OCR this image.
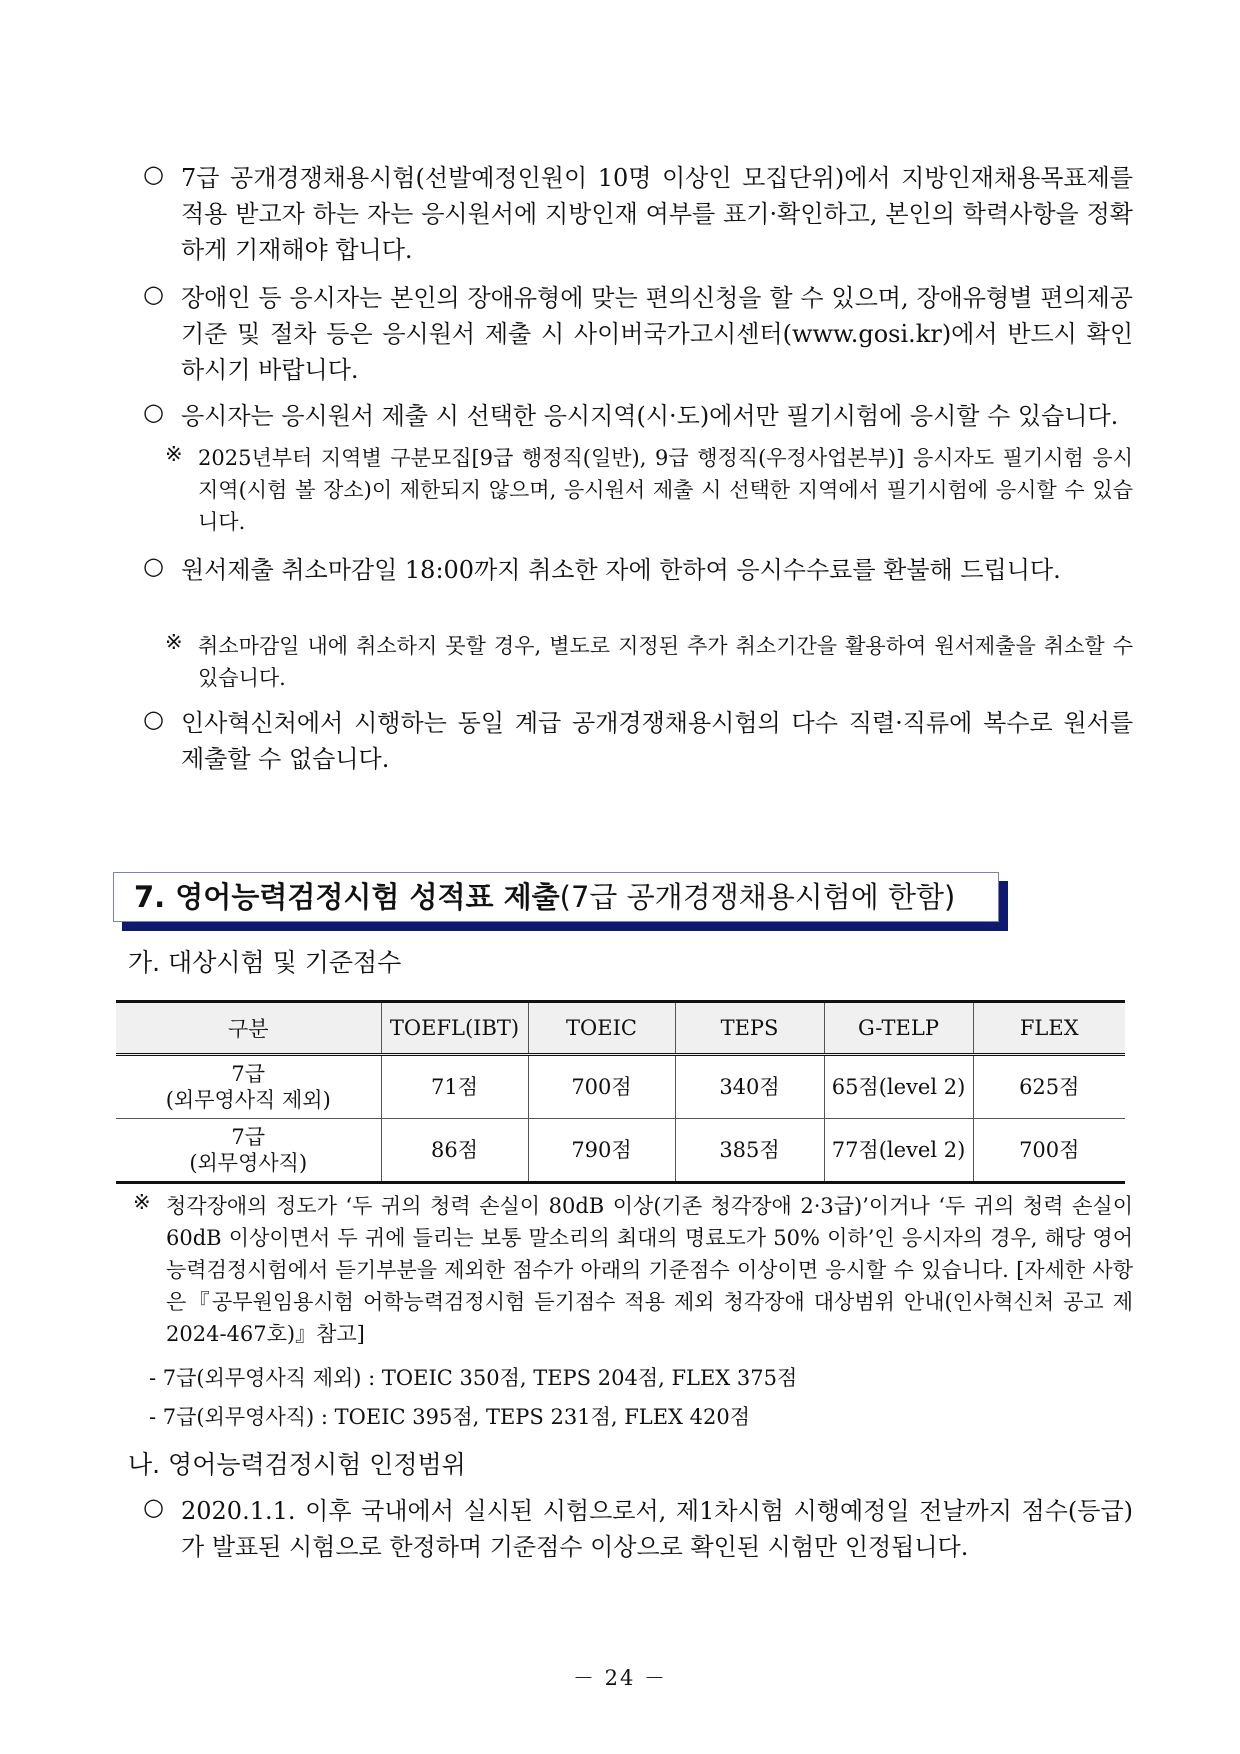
○ 7급 공개경쟁채용시험(선발예정인원이 10명 이상인 모집단위)에서 지방인재채용목표제를 적용 받고자 하는 자는 응시원서에 지방인재 여부를 표기·확인하고, 본인의 학력사항을 정확하게 기재해야 합니다.
○ 장애인 등 응시자는 본인의 장애유형에 맞는 편의신청을 할 수 있으며, 장애유형별 편의제공 기준 및 절차 등은 응시원서 제출 시 사이버국가고시센터(www.gosi.kr)에서 반드시 확인하시기 바랍니다.
○ 응시자는 응시원서 제출 시 선택한 응시지역(시·도)에서만 필기시험에 응시할 수 있습니다.
※ 2025년부터 지역별 구분모집[9급 행정직(일반), 9급 행정직(우정사업본부)] 응시자도 필기시험 응시지역(시험 볼 장소)이 제한되지 않으며, 응시원서 제출 시 선택한 지역에서 필기시험에 응시할 수 있습니다.
○ 원서제출 취소마감일 18:00까지 취소한 자에 한하여 응시수수료를 환불해 드립니다.
※ 취소마감일 내에 취소하지 못할 경우, 별도로 지정된 추가 취소기간을 활용하여 원서제출을 취소할 수 있습니다.
○ 인사혁신처에서 시행하는 동일 계급 공개경쟁채용시험의 다수 직렬·직류에 복수로 원서를 제출할 수 없습니다.
7. 영어능력검정시험 성적표 제출(7급 공개경쟁채용시험에 한함)
가. 대상시험 및 기준점수
구분	TOEFL(IBT)	TOEIC	TEPS	G-TELP	FLEX

7급
(외무영사직 제외)	71점	700점	340점	65점(level 2)	625점

7급
(외무영사직)	86점	790점	385점	77점(level 2)	700점
※ 청각장애의 정도가 ‘두 귀의 청력 손실이 80dB 이상(기존 청각장애 2·3급)’이거나 ‘두 귀의 청력 손실이 60dB 이상이면서 두 귀에 들리는 보통 말소리의 최대의 명료도가 50% 이하’인 응시자의 경우, 해당 영어능력검정시험에서 듣기부분을 제외한 점수가 아래의 기준점수 이상이면 응시할 수 있습니다. [자세한 사항은『공무원임용시험 어학능력검정시험 듣기점수 적용 제외 청각장애 대상범위 안내(인사혁신처 공고 제2024-467호)』참고]
- 7급(외무영사직 제외) : TOEIC 350점, TEPS 204점, FLEX 375점
- 7급(외무영사직) : TOEIC 395점, TEPS 231점, FLEX 420점
나. 영어능력검정시험 인정범위
○ 2020.1.1. 이후 국내에서 실시된 시험으로서, 제1차시험 시행예정일 전날까지 점수(등급)가 발표된 시험으로 한정하며 기준점수 이상으로 확인된 시험만 인정됩니다.
－ 24 －
